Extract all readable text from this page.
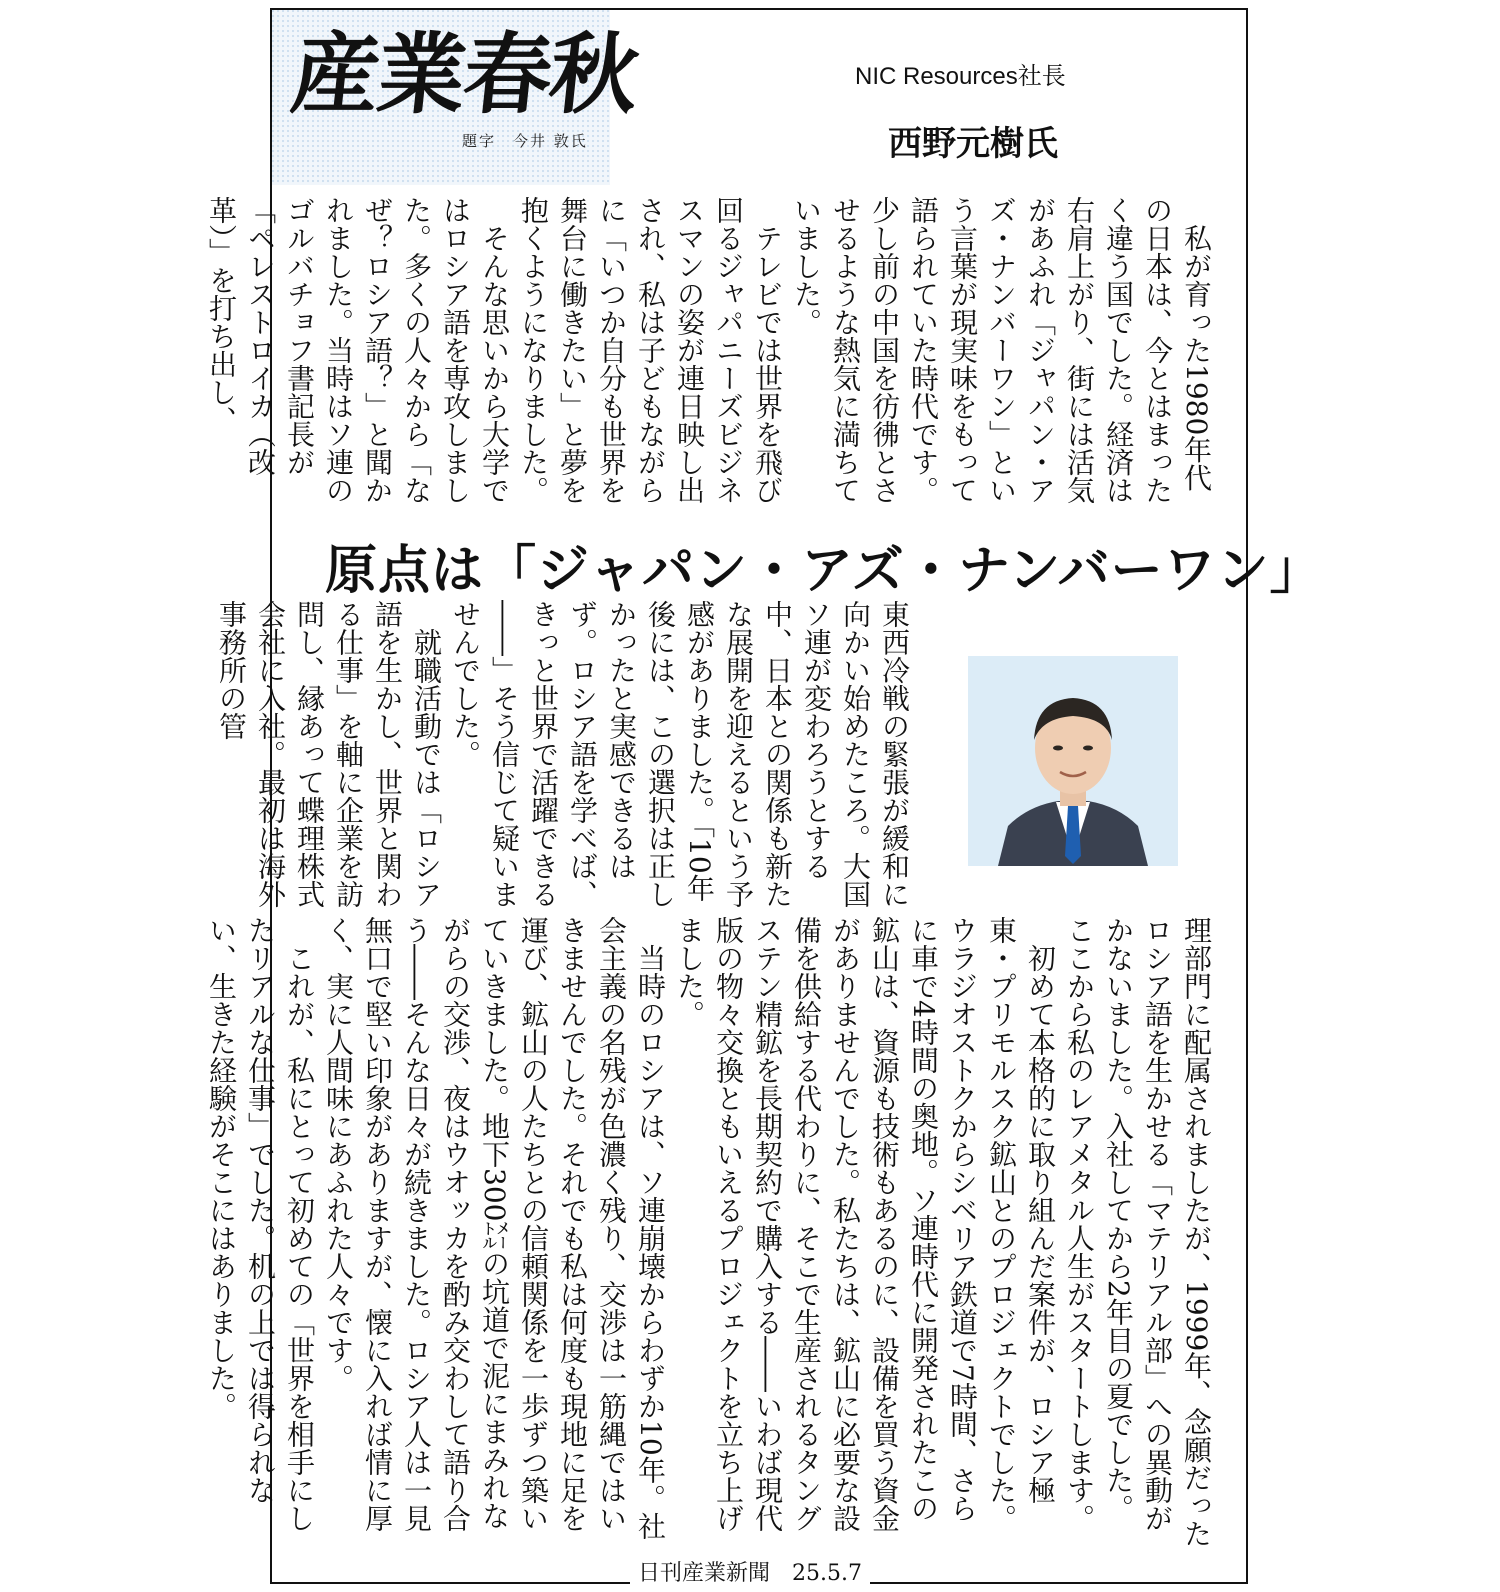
産業春秋
題字　今井 敦氏
NIC Resources社長
西野元樹氏
　私が育った1980年代の日本は、今とはまったく違う国でした。経済は右肩上がり、街には活気があふれ「ジャパン・アズ・ナンバーワン」という言葉が現実味をもって語られていた時代です。少し前の中国を彷彿とさせるような熱気に満ちていました。
　テレビでは世界を飛び回るジャパニーズビジネスマンの姿が連日映し出され、私は子どもながらに「いつか自分も世界を舞台に働きたい」と夢を抱くようになりました。
　そんな思いから大学ではロシア語を専攻しました。多くの人々から「なぜ？ロシア語？」と聞かれました。当時はソ連のゴルバチョフ書記長が「ペレストロイカ（改革）」を打ち出し、
原点は「ジャパン・アズ・ナンバーワン」
東西冷戦の緊張が緩和に向かい始めたころ。大国ソ連が変わろうとする中、日本との関係も新たな展開を迎えるという予感がありました。「10年後には、この選択は正しかったと実感できるはず。ロシア語を学べば、きっと世界で活躍できる――」そう信じて疑いませんでした。
　就職活動では「ロシア語を生かし、世界と関わる仕事」を軸に企業を訪問し、縁あって蝶理株式会社に入社。最初は海外事務所の管
理部門に配属されましたが、1999年、念願だったロシア語を生かせる「マテリアル部」への異動がかないました。入社してから2年目の夏でした。ここから私のレアメタル人生がスタートします。
　初めて本格的に取り組んだ案件が、ロシア極東・プリモルスク鉱山とのプロジェクトでした。ウラジオストクからシベリア鉄道で7時間、さらに車で4時間の奥地。ソ連時代に開発されたこの鉱山は、資源も技術もあるのに、設備を買う資金がありませんでした。私たちは、鉱山に必要な設備を供給する代わりに、そこで生産されるタングステン精鉱を長期契約で購入する――いわば現代版の物々交換ともいえるプロジェクトを立ち上げました。
　当時のロシアは、ソ連崩壊からわずか10年。社会主義の名残が色濃く残り、交渉は一筋縄ではいきませんでした。それでも私は何度も現地に足を運び、鉱山の人たちとの信頼関係を一歩ずつ築いていきました。地下300㍍の坑道で泥にまみれながらの交渉、夜はウオッカを酌み交わして語り合う――そんな日々が続きました。ロシア人は一見無口で堅い印象がありますが、懐に入れば情に厚く、実に人間味にあふれた人々です。
　これが、私にとって初めての「世界を相手にしたリアルな仕事」でした。机の上では得られない、生きた経験がそこにはありました。
日刊産業新聞　25.5.7
